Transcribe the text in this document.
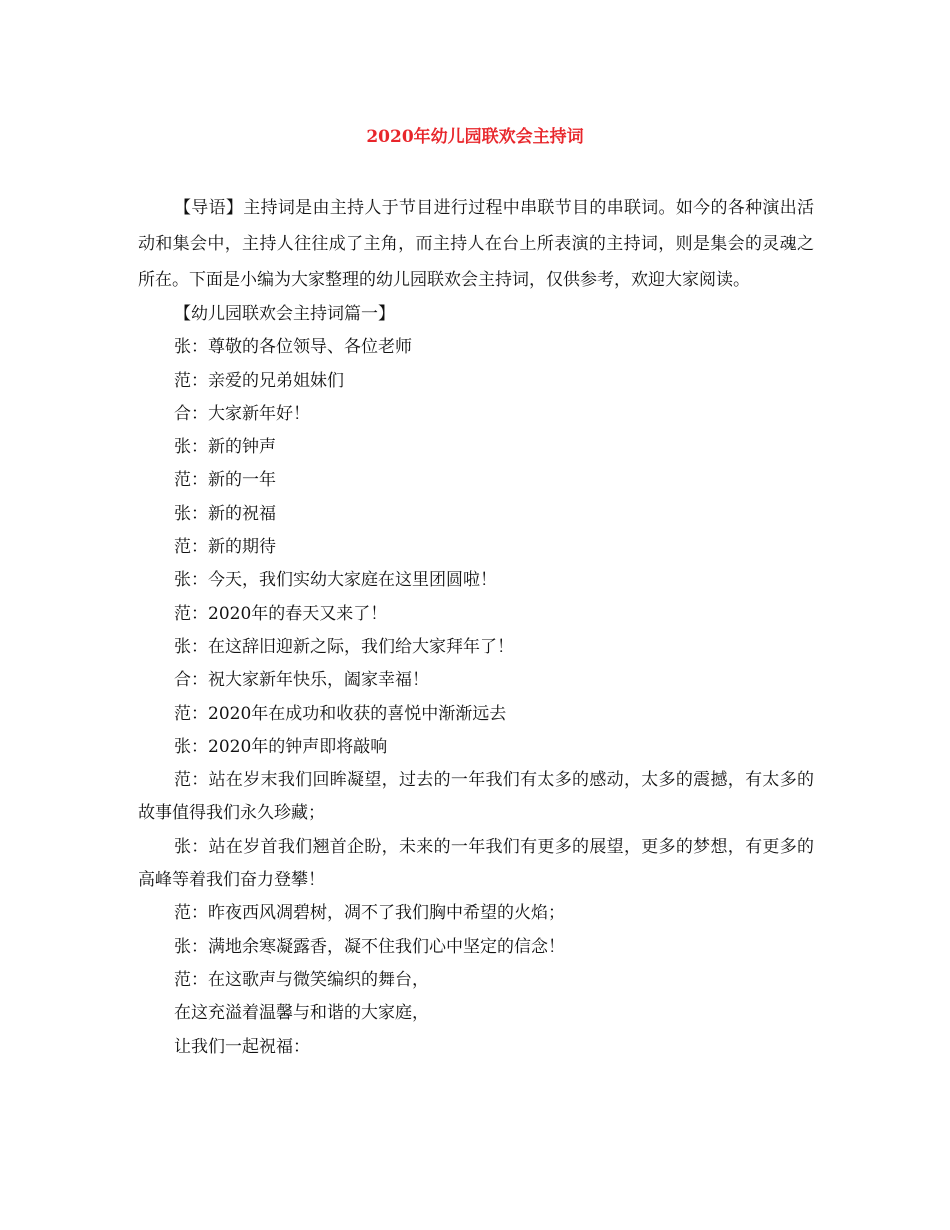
2020年幼儿园联欢会主持词

【导语】主持词是由主持人于节目进行过程中串联节目的串联词。如今的各种演出活动和集会中，主持人往往成了主角，而主持人在台上所表演的主持词，则是集会的灵魂之所在。下面是小编为大家整理的幼儿园联欢会主持词，仅供参考，欢迎大家阅读。

【幼儿园联欢会主持词篇一】

张：尊敬的各位领导、各位老师

范：亲爱的兄弟姐妹们

合：大家新年好！

张：新的钟声

范：新的一年

张：新的祝福

范：新的期待

张：今天，我们实幼大家庭在这里团圆啦！

范：2020年的春天又来了！

张：在这辞旧迎新之际，我们给大家拜年了！

合：祝大家新年快乐，阖家幸福！

范：2020年在成功和收获的喜悦中渐渐远去

张：2020年的钟声即将敲响

范：站在岁末我们回眸凝望，过去的一年我们有太多的感动，太多的震撼，有太多的故事值得我们永久珍藏；

张：站在岁首我们翘首企盼，未来的一年我们有更多的展望，更多的梦想，有更多的高峰等着我们奋力登攀！

范：昨夜西风凋碧树，凋不了我们胸中希望的火焰；

张：满地余寒凝露香，凝不住我们心中坚定的信念！

范：在这歌声与微笑编织的舞台，

在这充溢着温馨与和谐的大家庭，

让我们一起祝福：
